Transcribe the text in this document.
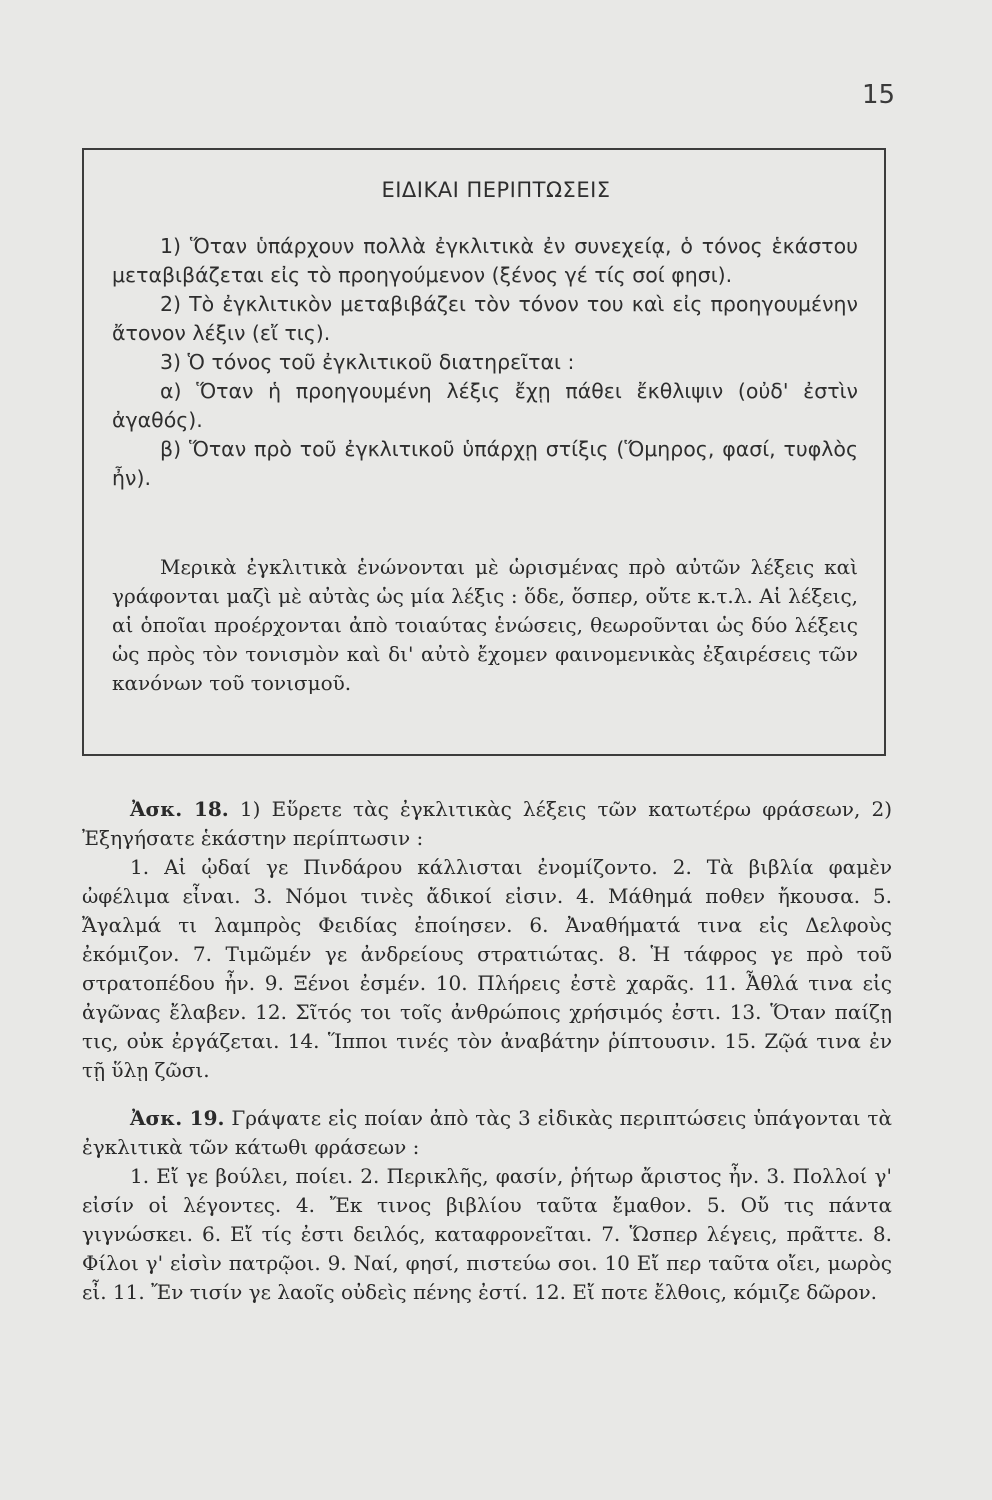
15
ΕΙΔΙΚΑΙ ΠΕΡΙΠΤΩΣΕΙΣ

1) Ὅταν ὑπάρχουν πολλὰ ἐγκλιτικὰ ἐν συνεχείᾳ, ὁ τόνος ἑκάστου μεταβιβάζεται εἰς τὸ προηγούμενον (ξένος γέ τίς σοί φησι).

2) Τὸ ἐγκλιτικὸν μεταβιβάζει τὸν τόνον του καὶ εἰς προηγουμένην ἄτονον λέξιν (εἴ τις).

3) Ὁ τόνος τοῦ ἐγκλιτικοῦ διατηρεῖται :

α) Ὅταν ἡ προηγουμένη λέξις ἔχῃ πάθει ἔκθλιψιν (οὐδ' ἐστὶν ἀγαθός).

β) Ὅταν πρὸ τοῦ ἐγκλιτικοῦ ὑπάρχῃ στίξις (Ὅμηρος, φασί, τυφλὸς ἦν).

Μερικὰ ἐγκλιτικὰ ἑνώνονται μὲ ὡρισμένας πρὸ αὐτῶν λέξεις καὶ γράφονται μαζὶ μὲ αὐτὰς ὡς μία λέξις : ὅδε, ὅσπερ, οὔτε κ.τ.λ. Αἱ λέξεις, αἱ ὁποῖαι προέρχονται ἀπὸ τοιαύτας ἑνώσεις, θεωροῦνται ὡς δύο λέξεις ὡς πρὸς τὸν τονισμὸν καὶ δι' αὐτὸ ἔχομεν φαινομενικὰς ἐξαιρέσεις τῶν κανόνων τοῦ τονισμοῦ.

Ἀσκ. 18. 1) Εὕρετε τὰς ἐγκλιτικὰς λέξεις τῶν κατωτέρω φράσεων, 2) Ἐξηγήσατε ἑκάστην περίπτωσιν :

1. Αἱ ᾠδαί γε Πινδάρου κάλλισται ἐνομίζοντο. 2. Τὰ βιβλία φαμὲν ὠφέλιμα εἶναι. 3. Νόμοι τινὲς ἄδικοί εἰσιν. 4. Μάθημά ποθεν ἤκουσα. 5. Ἄγαλμά τι λαμπρὸς Φειδίας ἐποίησεν. 6. Ἀναθήματά τινα εἰς Δελφοὺς ἐκόμιζον. 7. Τιμῶμέν γε ἀνδρείους στρατιώτας. 8. Ἡ τάφρος γε πρὸ τοῦ στρατοπέδου ἦν. 9. Ξένοι ἐσμέν. 10. Πλήρεις ἐστὲ χαρᾶς. 11. Ἆθλά τινα εἰς ἀγῶνας ἔλαβεν. 12. Σῖτός τοι τοῖς ἀνθρώποις χρήσιμός ἐστι. 13. Ὅταν παίζῃ τις, οὐκ ἐργάζεται. 14. Ἵπποι τινές τὸν ἀναβάτην ῥίπτουσιν. 15. Ζῷά τινα ἐν τῇ ὕλῃ ζῶσι.

Ἀσκ. 19. Γράψατε εἰς ποίαν ἀπὸ τὰς 3 εἰδικὰς περιπτώσεις ὑπάγονται τὰ ἐγκλιτικὰ τῶν κάτωθι φράσεων :

1. Εἴ γε βούλει, ποίει. 2. Περικλῆς, φασίν, ῥήτωρ ἄριστος ἦν. 3. Πολλοί γ' εἰσίν οἱ λέγοντες. 4. Ἔκ τινος βιβλίου ταῦτα ἔμαθον. 5. Οὔ τις πάντα γιγνώσκει. 6. Εἴ τίς ἐστι δειλός, καταφρονεῖται. 7. Ὥσπερ λέγεις, πρᾶττε. 8. Φίλοι γ' εἰσὶν πατρῷοι. 9. Ναί, φησί, πιστεύω σοι. 10 Εἴ περ ταῦτα οἴει, μωρὸς εἶ. 11. Ἔν τισίν γε λαοῖς οὐδεὶς πένης ἐστί. 12. Εἴ ποτε ἔλθοις, κόμιζε δῶρον.
